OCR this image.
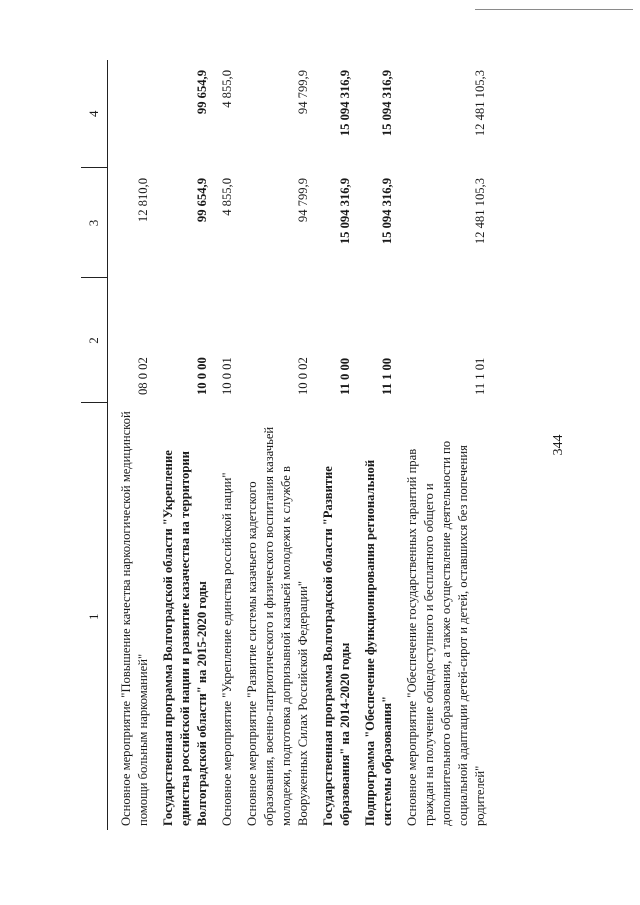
344
1	2	3	4
Основное мероприятие "Повышение качества наркологической медицинской помощи больным наркоманией"	08 0 02	12 810,0	
Государственная программа Волгоградской области "Укрепление единства российской нации и развитие казачества на территории Волгоградской области" на 2015-2020 годы	10 0 00	99 654,9	99 654,9
Основное мероприятие "Укрепление единства российской нации"	10 0 01	4 855,0	4 855,0
Основное мероприятие "Развитие системы казачьего кадетского образования, военно-патриотического и физического воспитания казачьей молодежи, подготовка допризывной казачьей молодежи к службе в Вооруженных Силах Российской Федерации"	10 0 02	94 799,9	94 799,9
Государственная программа Волгоградской области "Развитие образования" на 2014-2020 годы	11 0 00	15 094 316,9	15 094 316,9
Подпрограмма "Обеспечение функционирования региональной системы образования"	11 1 00	15 094 316,9	15 094 316,9
Основное мероприятие "Обеспечение государственных гарантий прав граждан на получение общедоступного и бесплатного общего и дополнительного образования, а также осуществление деятельности по социальной адаптации детей-сирот и детей, оставшихся без попечения родителей"	11 1 01	12 481 105,3	12 481 105,3
